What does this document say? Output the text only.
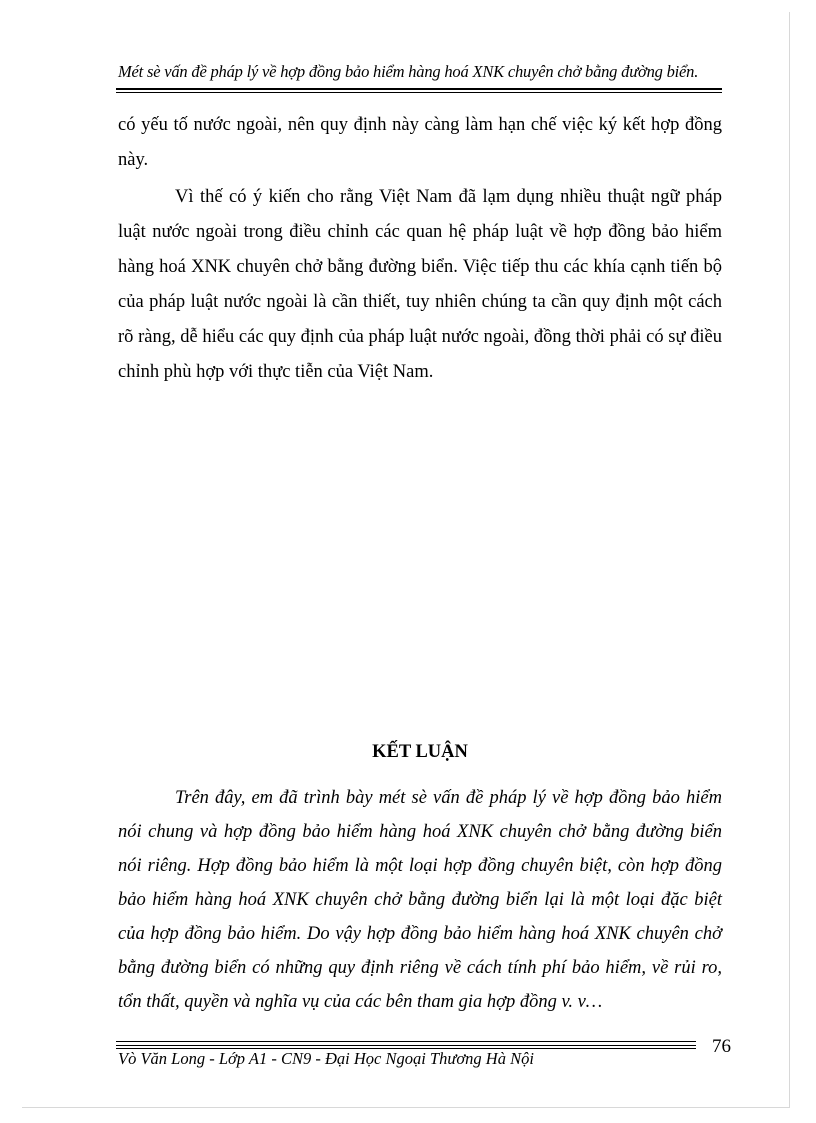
Mét sè vấn đề pháp lý về hợp đồng bảo hiểm hàng hoá XNK chuyên chở bằng đường biển.

có yếu tố nước ngoài, nên quy định này càng làm hạn chế việc ký kết hợp đồng này.

Vì thế có ý kiến cho rằng Việt Nam đã lạm dụng nhiều thuật ngữ pháp luật nước ngoài trong điều chỉnh các quan hệ pháp luật về hợp đồng bảo hiểm hàng hoá XNK chuyên chở bằng đường biển. Việc tiếp thu các khía cạnh tiến bộ của pháp luật nước ngoài là cần thiết, tuy nhiên chúng ta cần quy định một cách rõ ràng, dễ hiểu các quy định của pháp luật nước ngoài, đồng thời phải có sự điều chỉnh phù hợp với thực tiễn của Việt Nam.

KẾT LUẬN

Trên đây, em đã trình bày mét sè vấn đề pháp lý về hợp đồng bảo hiểm nói chung và hợp đồng bảo hiểm hàng hoá XNK chuyên chở bằng đường biển nói riêng. Hợp đồng bảo hiểm là một loại hợp đồng chuyên biệt, còn hợp đồng bảo hiểm hàng hoá XNK chuyên chở bằng đường biển lại là một loại đặc biệt của hợp đồng bảo hiểm. Do vậy hợp đồng bảo hiểm hàng hoá XNK chuyên chở bằng đường biển có những quy định riêng về cách tính phí bảo hiểm, về rủi ro, tổn thất, quyền và nghĩa vụ của các bên tham gia hợp đồng v. v…

76
Vò Văn Long - Lớp A1 - CN9 - Đại Học Ngoại Thương Hà Nội
